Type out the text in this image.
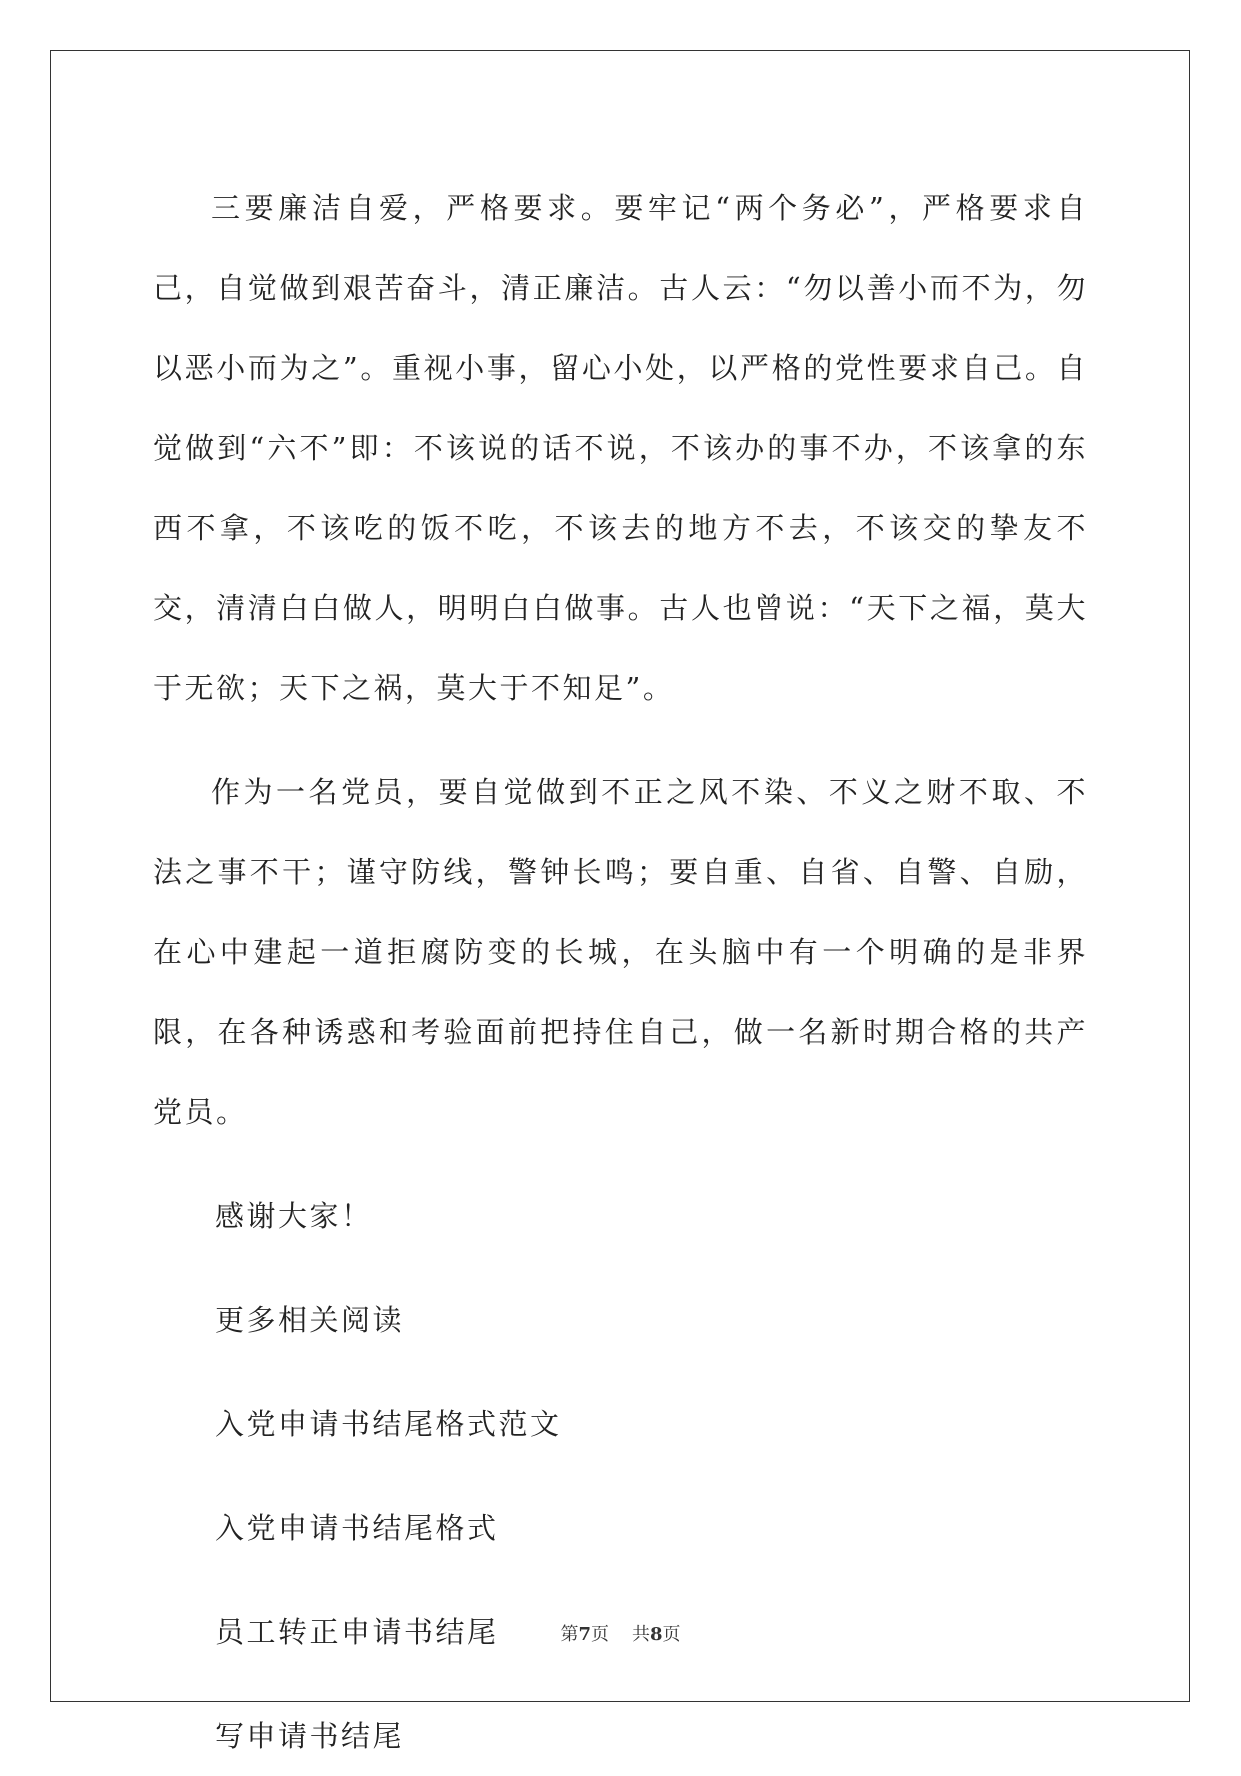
三要廉洁自爱，严格要求。要牢记“两个务必”，严格要求自己，自觉做到艰苦奋斗，清正廉洁。古人云：“勿以善小而不为，勿以恶小而为之”。重视小事，留心小处，以严格的党性要求自己。自觉做到“六不”即：不该说的话不说，不该办的事不办，不该拿的东西不拿，不该吃的饭不吃，不该去的地方不去，不该交的挚友不交，清清白白做人，明明白白做事。古人也曾说：“天下之福，莫大于无欲；天下之祸，莫大于不知足”。

作为一名党员，要自觉做到不正之风不染、不义之财不取、不法之事不干；谨守防线，警钟长鸣；要自重、自省、自警、自励，在心中建起一道拒腐防变的长城，在头脑中有一个明确的是非界限，在各种诱惑和考验面前把持住自己，做一名新时期合格的共产党员。

感谢大家！

更多相关阅读

入党申请书结尾格式范文

入党申请书结尾格式

员工转正申请书结尾

写申请书结尾

第7页 共8页
